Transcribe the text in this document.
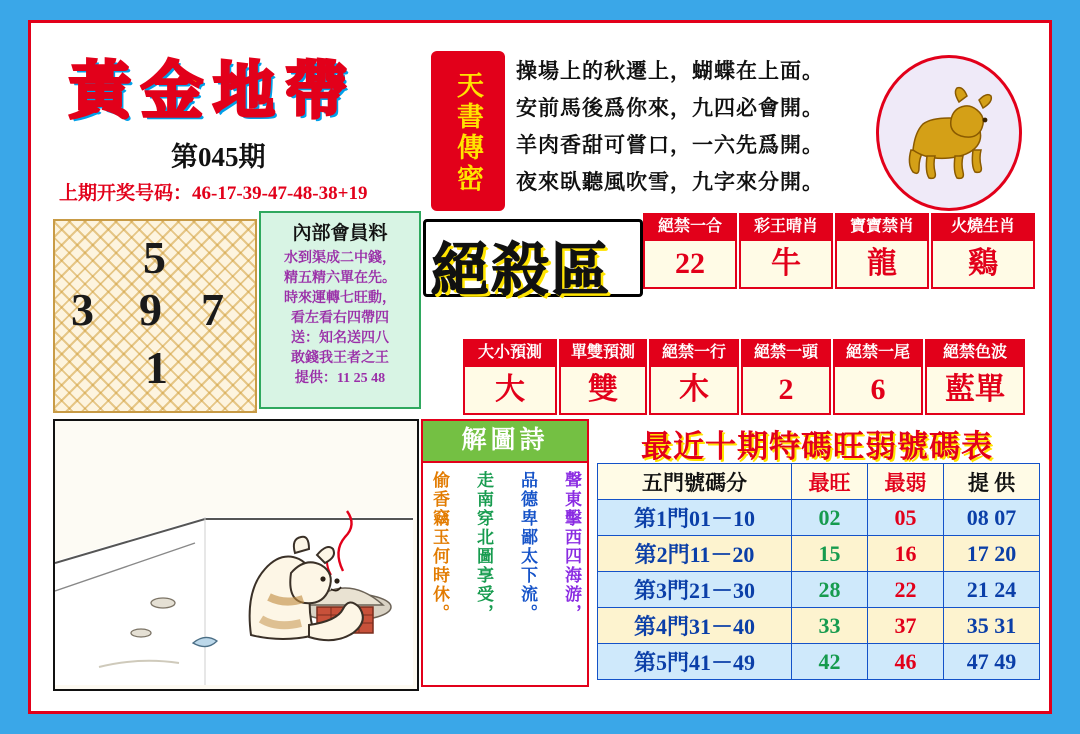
黃金地帶
第045期
上期开奖号码：46-17-39-47-48-38+19	天書傳密	操場上的秋遷上，蝴蝶在上面。
安前馬後爲你來，九四必會開。
羊肉香甜可嘗口，一六先爲開。
夜來臥聽風吹雪，九字來分開。
5
3 9 7
1
內部會員料
水到渠成二中錢，
精五精六單在先。
時來運轉七旺動，
看左看右四帶四
送：知名送四八
敢錢我王者之王
提供：11 25 48
絕殺區
絕禁一合
22
彩王晴肖
牛
寶寶禁肖
龍
火燒生肖
鷄
大小預測
大
單雙預測
雙
絕禁一行
木
絕禁一頭
2
絕禁一尾
6
絕禁色波
藍單
解圖詩
聲東擊西四海游，
品德卑鄙太下流。
走南穿北圖享受，
偷香竊玉何時休。
最近十期特碼旺弱號碼表
五門號碼分	最旺	最弱	提 供
第1門01－10	02	05	08 07
第2門11－20	15	16	17 20
第3門21－30	28	22	21 24
第4門31－40	33	37	35 31
第5門41－49	42	46	47 49
